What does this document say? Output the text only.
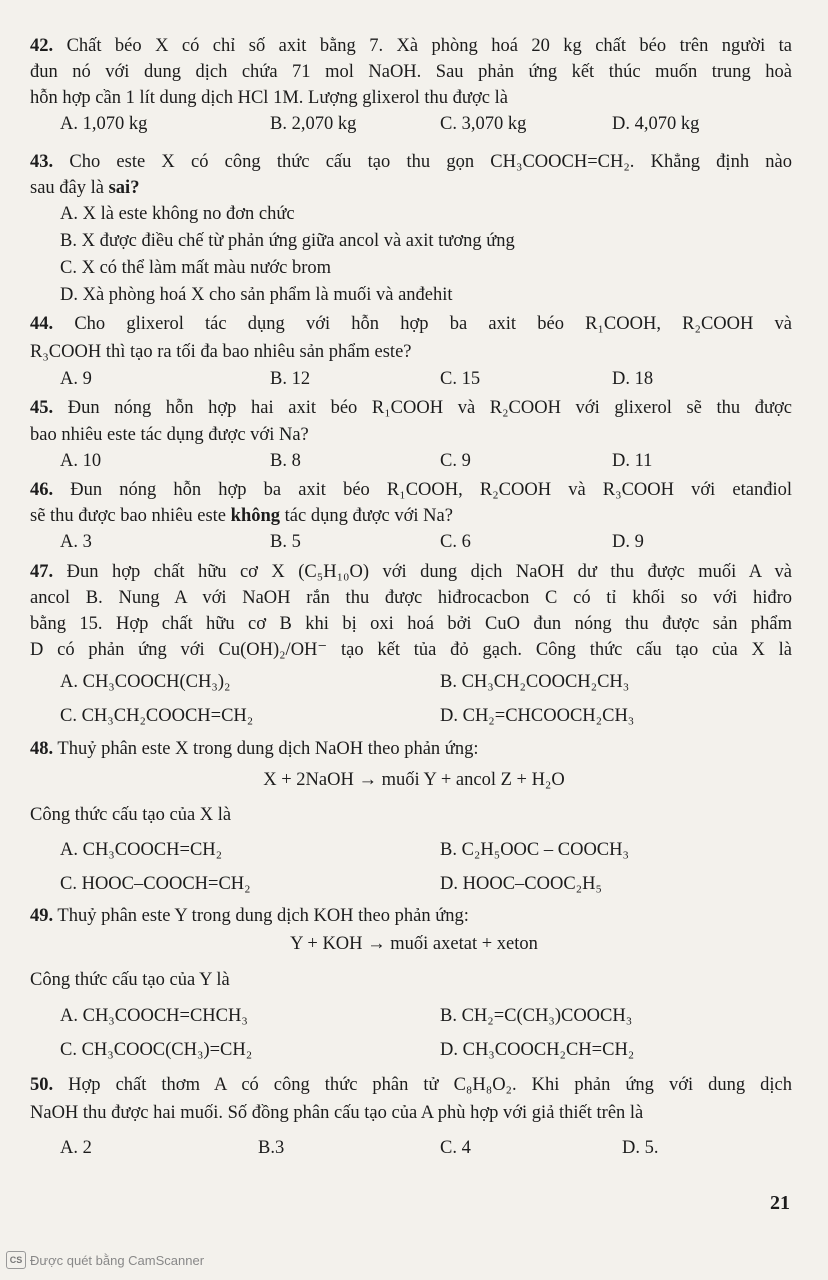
42. Chất béo X có chỉ số axit bằng 7. Xà phòng hoá 20 kg chất béo trên người ta
đun nó với dung dịch chứa 71 mol NaOH. Sau phản ứng kết thúc muốn trung hoà
hỗn hợp cần 1 lít dung dịch HCl 1M. Lượng glixerol thu được là
A. 1,070 kg	B. 2,070 kg	C. 3,070 kg	D. 4,070 kg
43. Cho este X có công thức cấu tạo thu gọn CH₃COOCH=CH₂. Khẳng định nào
sau đây là sai?
A. X là este không no đơn chức
B. X được điều chế từ phản ứng giữa ancol và axit tương ứng
C. X có thể làm mất màu nước brom
D. Xà phòng hoá X cho sản phẩm là muối và anđehit
44. Cho glixerol tác dụng với hỗn hợp ba axit béo R₁COOH, R₂COOH và
R₃COOH thì tạo ra tối đa bao nhiêu sản phẩm este?
A. 9	B. 12	C. 15	D. 18
45. Đun nóng hỗn hợp hai axit béo R₁COOH và R₂COOH với glixerol sẽ thu được
bao nhiêu este tác dụng được với Na?
A. 10	B. 8	C. 9	D. 11
46. Đun nóng hỗn hợp ba axit béo R₁COOH, R₂COOH và R₃COOH với etanđiol
sẽ thu được bao nhiêu este không tác dụng được với Na?
A. 3	B. 5	C. 6	D. 9
47. Đun hợp chất hữu cơ X (C₅H₁₀O) với dung dịch NaOH dư thu được muối A và
ancol B. Nung A với NaOH rắn thu được hiđrocacbon C có tỉ khối so với hiđro
bằng 15. Hợp chất hữu cơ B khi bị oxi hoá bởi CuO đun nóng thu được sản phẩm
D có phản ứng với Cu(OH)₂/OH⁻ tạo kết tủa đỏ gạch. Công thức cấu tạo của X là
A. CH₃COOCH(CH₃)₂	B. CH₃CH₂COOCH₂CH₃
C. CH₃CH₂COOCH=CH₂	D. CH₂=CHCOOCH₂CH₃
48. Thuỷ phân este X trong dung dịch NaOH theo phản ứng:
X + 2NaOH → muối Y + ancol Z + H₂O
Công thức cấu tạo của X là
A. CH₃COOCH=CH₂	B. C₂H₅OOC – COOCH₃
C. HOOC–COOCH=CH₂	D. HOOC–COOC₂H₅
49. Thuỷ phân este Y trong dung dịch KOH theo phản ứng:
Y + KOH → muối axetat + xeton
Công thức cấu tạo của Y là
A. CH₃COOCH=CHCH₃	B. CH₂=C(CH₃)COOCH₃
C. CH₃COOC(CH₃)=CH₂	D. CH₃COOCH₂CH=CH₂
50. Hợp chất thơm A có công thức phân tử C₈H₈O₂. Khi phản ứng với dung dịch
NaOH thu được hai muối. Số đồng phân cấu tạo của A phù hợp với giả thiết trên là
A. 2	B.3	C. 4	D. 5.
21
CS Được quét bằng CamScanner
